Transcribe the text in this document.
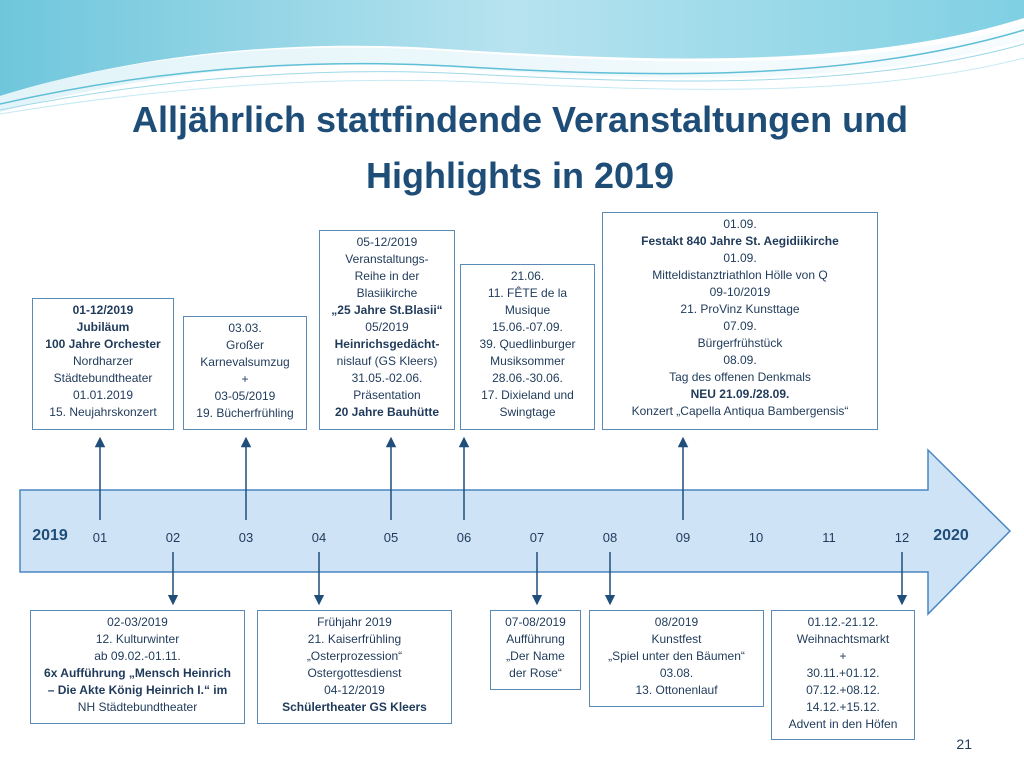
Alljährlich stattfindende Veranstaltungen und
Highlights in 2019
2019	2020
01	02	03	04	05	06	07	08	09	10	11	12
01-12/2019
Jubiläum
100 Jahre Orchester
Nordharzer
Städtebundtheater
01.01.2019
15. Neujahrskonzert
03.03.
Großer
Karnevalsumzug
+
03-05/2019
19. Bücherfrühling
05-12/2019
Veranstaltungs-
Reihe in der
Blasiikirche
„25 Jahre St.Blasii“
05/2019
Heinrichsgedächt-
nislauf (GS Kleers)
31.05.-02.06.
Präsentation
20 Jahre Bauhütte
21.06.
11. FÊTE de la
Musique
15.06.-07.09.
39. Quedlinburger
Musiksommer
28.06.-30.06.
17. Dixieland und
Swingtage
01.09.
Festakt 840 Jahre St. Aegidiikirche
01.09.
Mitteldistanztriathlon Hölle von Q
09-10/2019
21. ProVinz Kunsttage
07.09.
Bürgerfrühstück
08.09.
Tag des offenen Denkmals
NEU 21.09./28.09.
Konzert „Capella Antiqua Bambergensis“
02-03/2019
12. Kulturwinter
ab 09.02.-01.11.
6x Aufführung „Mensch Heinrich
– Die Akte König Heinrich I.“ im
NH Städtebundtheater
Frühjahr 2019
21. Kaiserfrühling
„Osterprozession“
Ostergottesdienst
04-12/2019
Schülertheater GS Kleers
07-08/2019
Aufführung
„Der Name
der Rose“
08/2019
Kunstfest
„Spiel unter den Bäumen“
03.08.
13. Ottonenlauf
01.12.-21.12.
Weihnachtsmarkt
+
30.11.+01.12.
07.12.+08.12.
14.12.+15.12.
Advent in den Höfen
21
